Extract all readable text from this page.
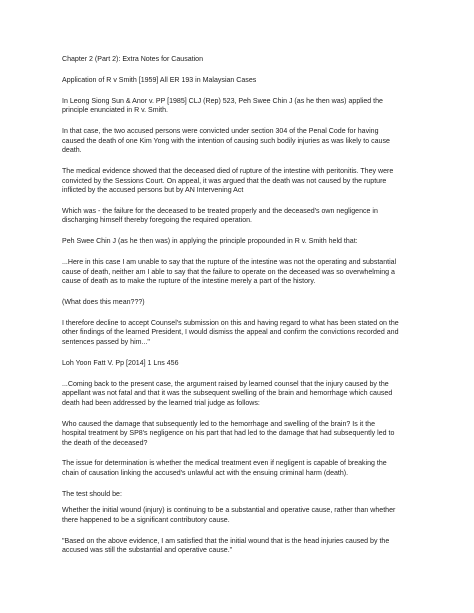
Chapter 2 (Part 2): Extra Notes for Causation

Application of R v Smith [1959] All ER 193 in Malaysian Cases

In Leong Siong Sun & Anor v. PP [1985] CLJ (Rep) 523, Peh Swee Chin J (as he then was) applied the principle enunciated in R v. Smith.

In that case, the two accused persons were convicted under section 304 of the Penal Code for having caused the death of one Kim Yong with the intention of causing such bodily injuries as was likely to cause death.

The medical evidence showed that the deceased died of rupture of the intestine with peritonitis. They were convicted by the Sessions Court. On appeal, it was argued that the death was not caused by the rupture inflicted by the accused persons but by AN Intervening Act

Which was - the failure for the deceased to be treated properly and the deceased's own negligence in discharging himself thereby foregoing the required operation.

Peh Swee Chin J (as he then was) in applying the principle propounded in R v. Smith held that:

...Here in this case I am unable to say that the rupture of the intestine was not the operating and substantial cause of death, neither am I able to say that the failure to operate on the deceased was so overwhelming a cause of death as to make the rupture of the intestine merely a part of the history.

(What does this mean???)

I therefore decline to accept Counsel's submission on this and having regard to what has been stated on the other findings of the learned President, I would dismiss the appeal and confirm the convictions recorded and sentences passed by him..."

Loh Yoon Fatt V. Pp [2014] 1 Lns 456

...Coming back to the present case, the argument raised by learned counsel that the injury caused by the appellant was not fatal and that it was the subsequent swelling of the brain and hemorrhage which caused death had been addressed by the learned trial judge as follows:

Who caused the damage that subsequently led to the hemorrhage and swelling of the brain? Is it the hospital treatment by SP8's negligence on his part that had led to the damage that had subsequently led to the death of the deceased?

The issue for determination is whether the medical treatment even if negligent is capable of breaking the chain of causation linking the accused's unlawful act with the ensuing criminal harm (death).

The test should be:

Whether the initial wound (injury) is continuing to be a substantial and operative cause, rather than whether there happened to be a significant contributory cause.

"Based on the above evidence, I am satisfied that the initial wound that is the head injuries caused by the accused was still the substantial and operative cause."
